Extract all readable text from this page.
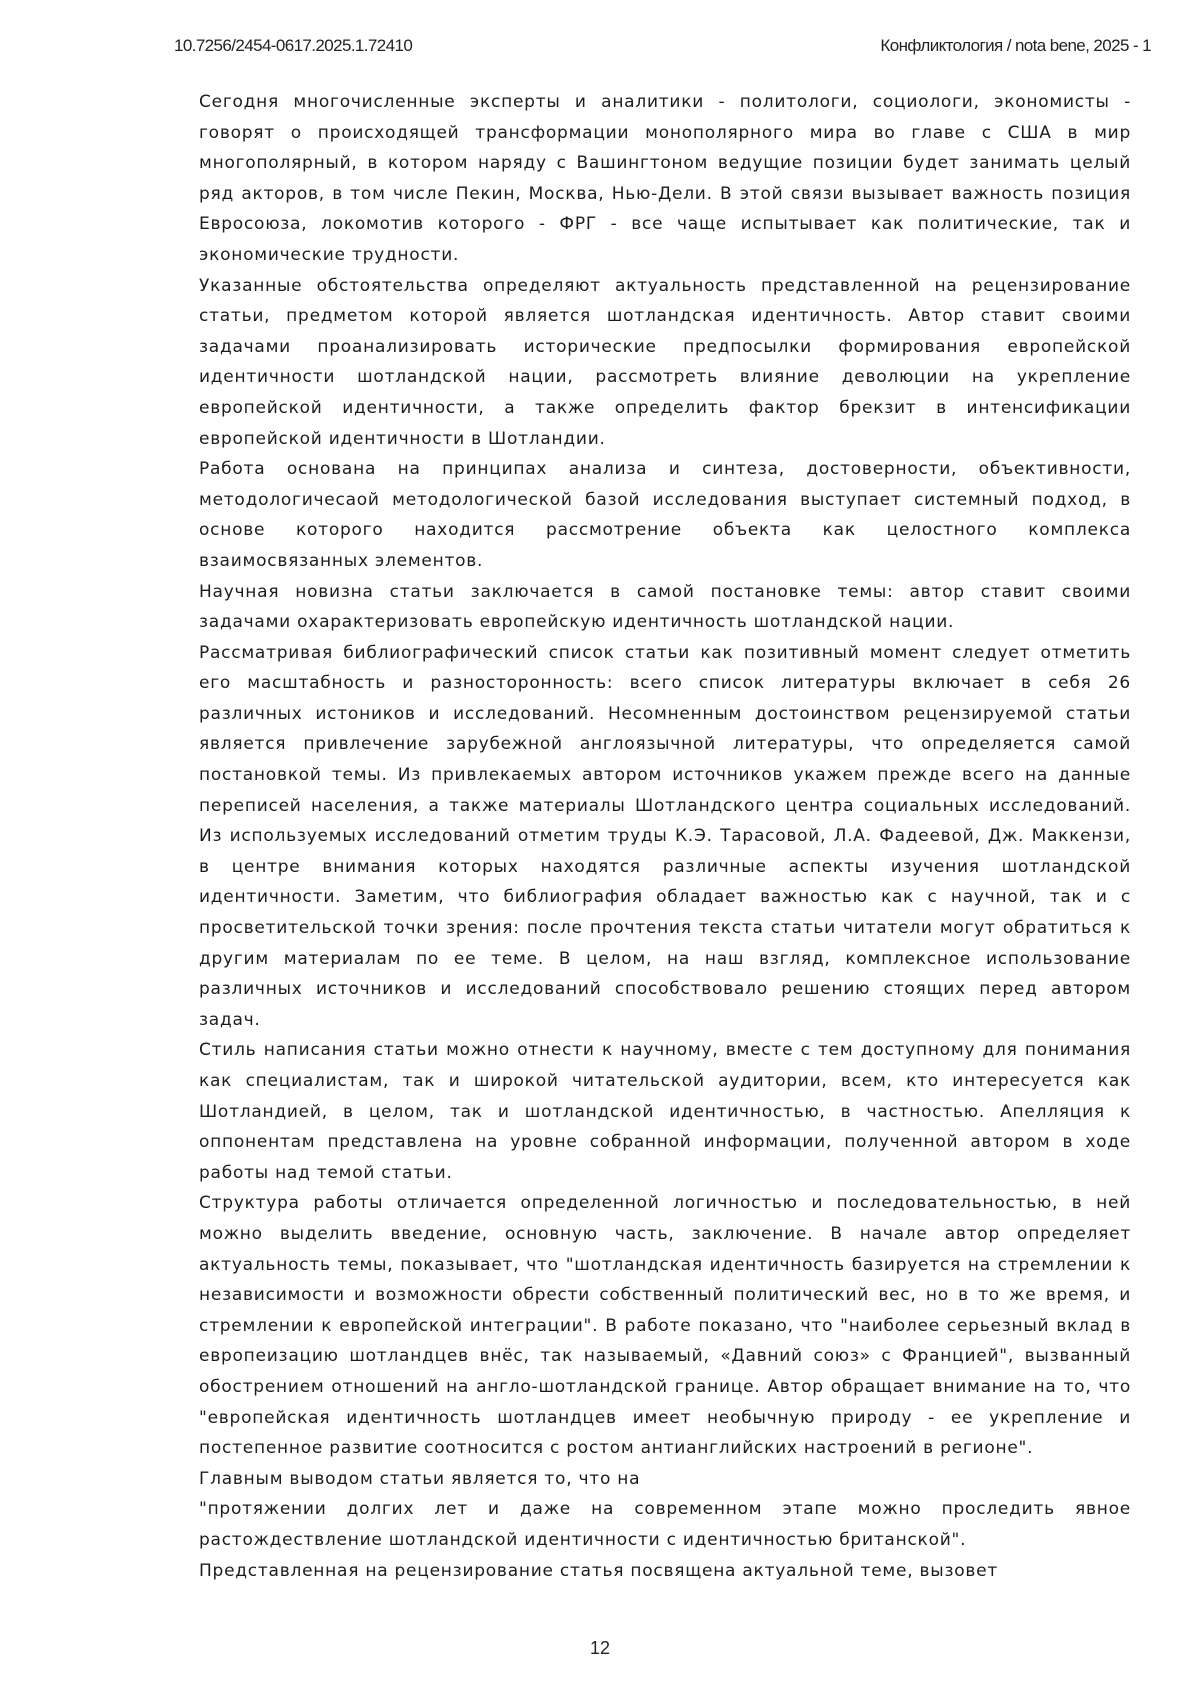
10.7256/2454-0617.2025.1.72410	Конфликтология / nota bene, 2025 - 1

Сегодня многочисленные эксперты и аналитики - политологи, социологи, экономисты - говорят о происходящей трансформации монополярного мира во главе с США в мир многополярный, в котором наряду с Вашингтоном ведущие позиции будет занимать целый ряд акторов, в том числе Пекин, Москва, Нью-Дели. В этой связи вызывает важность позиция Евросоюза, локомотив которого - ФРГ - все чаще испытывает как политические, так и экономические трудности.

Указанные обстоятельства определяют актуальность представленной на рецензирование статьи, предметом которой является шотландская идентичность. Автор ставит своими задачами проанализировать исторические предпосылки формирования европейской идентичности шотландской нации, рассмотреть влияние деволюции на укрепление европейской идентичности, а также определить фактор брекзит в интенсификации европейской идентичности в Шотландии.

Работа основана на принципах анализа и синтеза, достоверности, объективности, методологичесаой методологической базой исследования выступает системный подход, в основе которого находится рассмотрение объекта как целостного комплекса взаимосвязанных элементов.

Научная новизна статьи заключается в самой постановке темы: автор ставит своими задачами охарактеризовать европейскую идентичность шотландской нации.

Рассматривая библиографический список статьи как позитивный момент следует отметить его масштабность и разносторонность: всего список литературы включает в себя 26 различных истоников и исследований. Несомненным достоинством рецензируемой статьи является привлечение зарубежной англоязычной литературы, что определяется самой постановкой темы. Из привлекаемых автором источников укажем прежде всего на данные переписей населения, а также материалы Шотландского центра социальных исследований. Из используемых исследований отметим труды К.Э. Тарасовой, Л.А. Фадеевой, Дж. Маккензи, в центре внимания которых находятся различные аспекты изучения шотландской идентичности. Заметим, что библиография обладает важностью как с научной, так и с просветительской точки зрения: после прочтения текста статьи читатели могут обратиться к другим материалам по ее теме. В целом, на наш взгляд, комплексное использование различных источников и исследований способствовало решению стоящих перед автором задач.

Стиль написания статьи можно отнести к научному, вместе с тем доступному для понимания как специалистам, так и широкой читательской аудитории, всем, кто интересуется как Шотландией, в целом, так и шотландской идентичностью, в частностью. Апелляция к оппонентам представлена на уровне собранной информации, полученной автором в ходе работы над темой статьи.

Структура работы отличается определенной логичностью и последовательностью, в ней можно выделить введение, основную часть, заключение. В начале автор определяет актуальность темы, показывает, что "шотландская идентичность базируется на стремлении к независимости и возможности обрести собственный политический вес, но в то же время, и стремлении к европейской интеграции". В работе показано, что "наиболее серьезный вклад в европеизацию шотландцев внёс, так называемый, «Давний союз» с Францией", вызванный обострением отношений на англо-шотландской границе. Автор обращает внимание на то, что "европейская идентичность шотландцев имеет необычную природу - ее укрепление и постепенное развитие соотносится с ростом антианглийских настроений в регионе".

Главным выводом статьи является то, что на

"протяжении долгих лет и даже на современном этапе можно проследить явное растождествление шотландской идентичности с идентичностью британской".

Представленная на рецензирование статья посвящена актуальной теме, вызовет

12
